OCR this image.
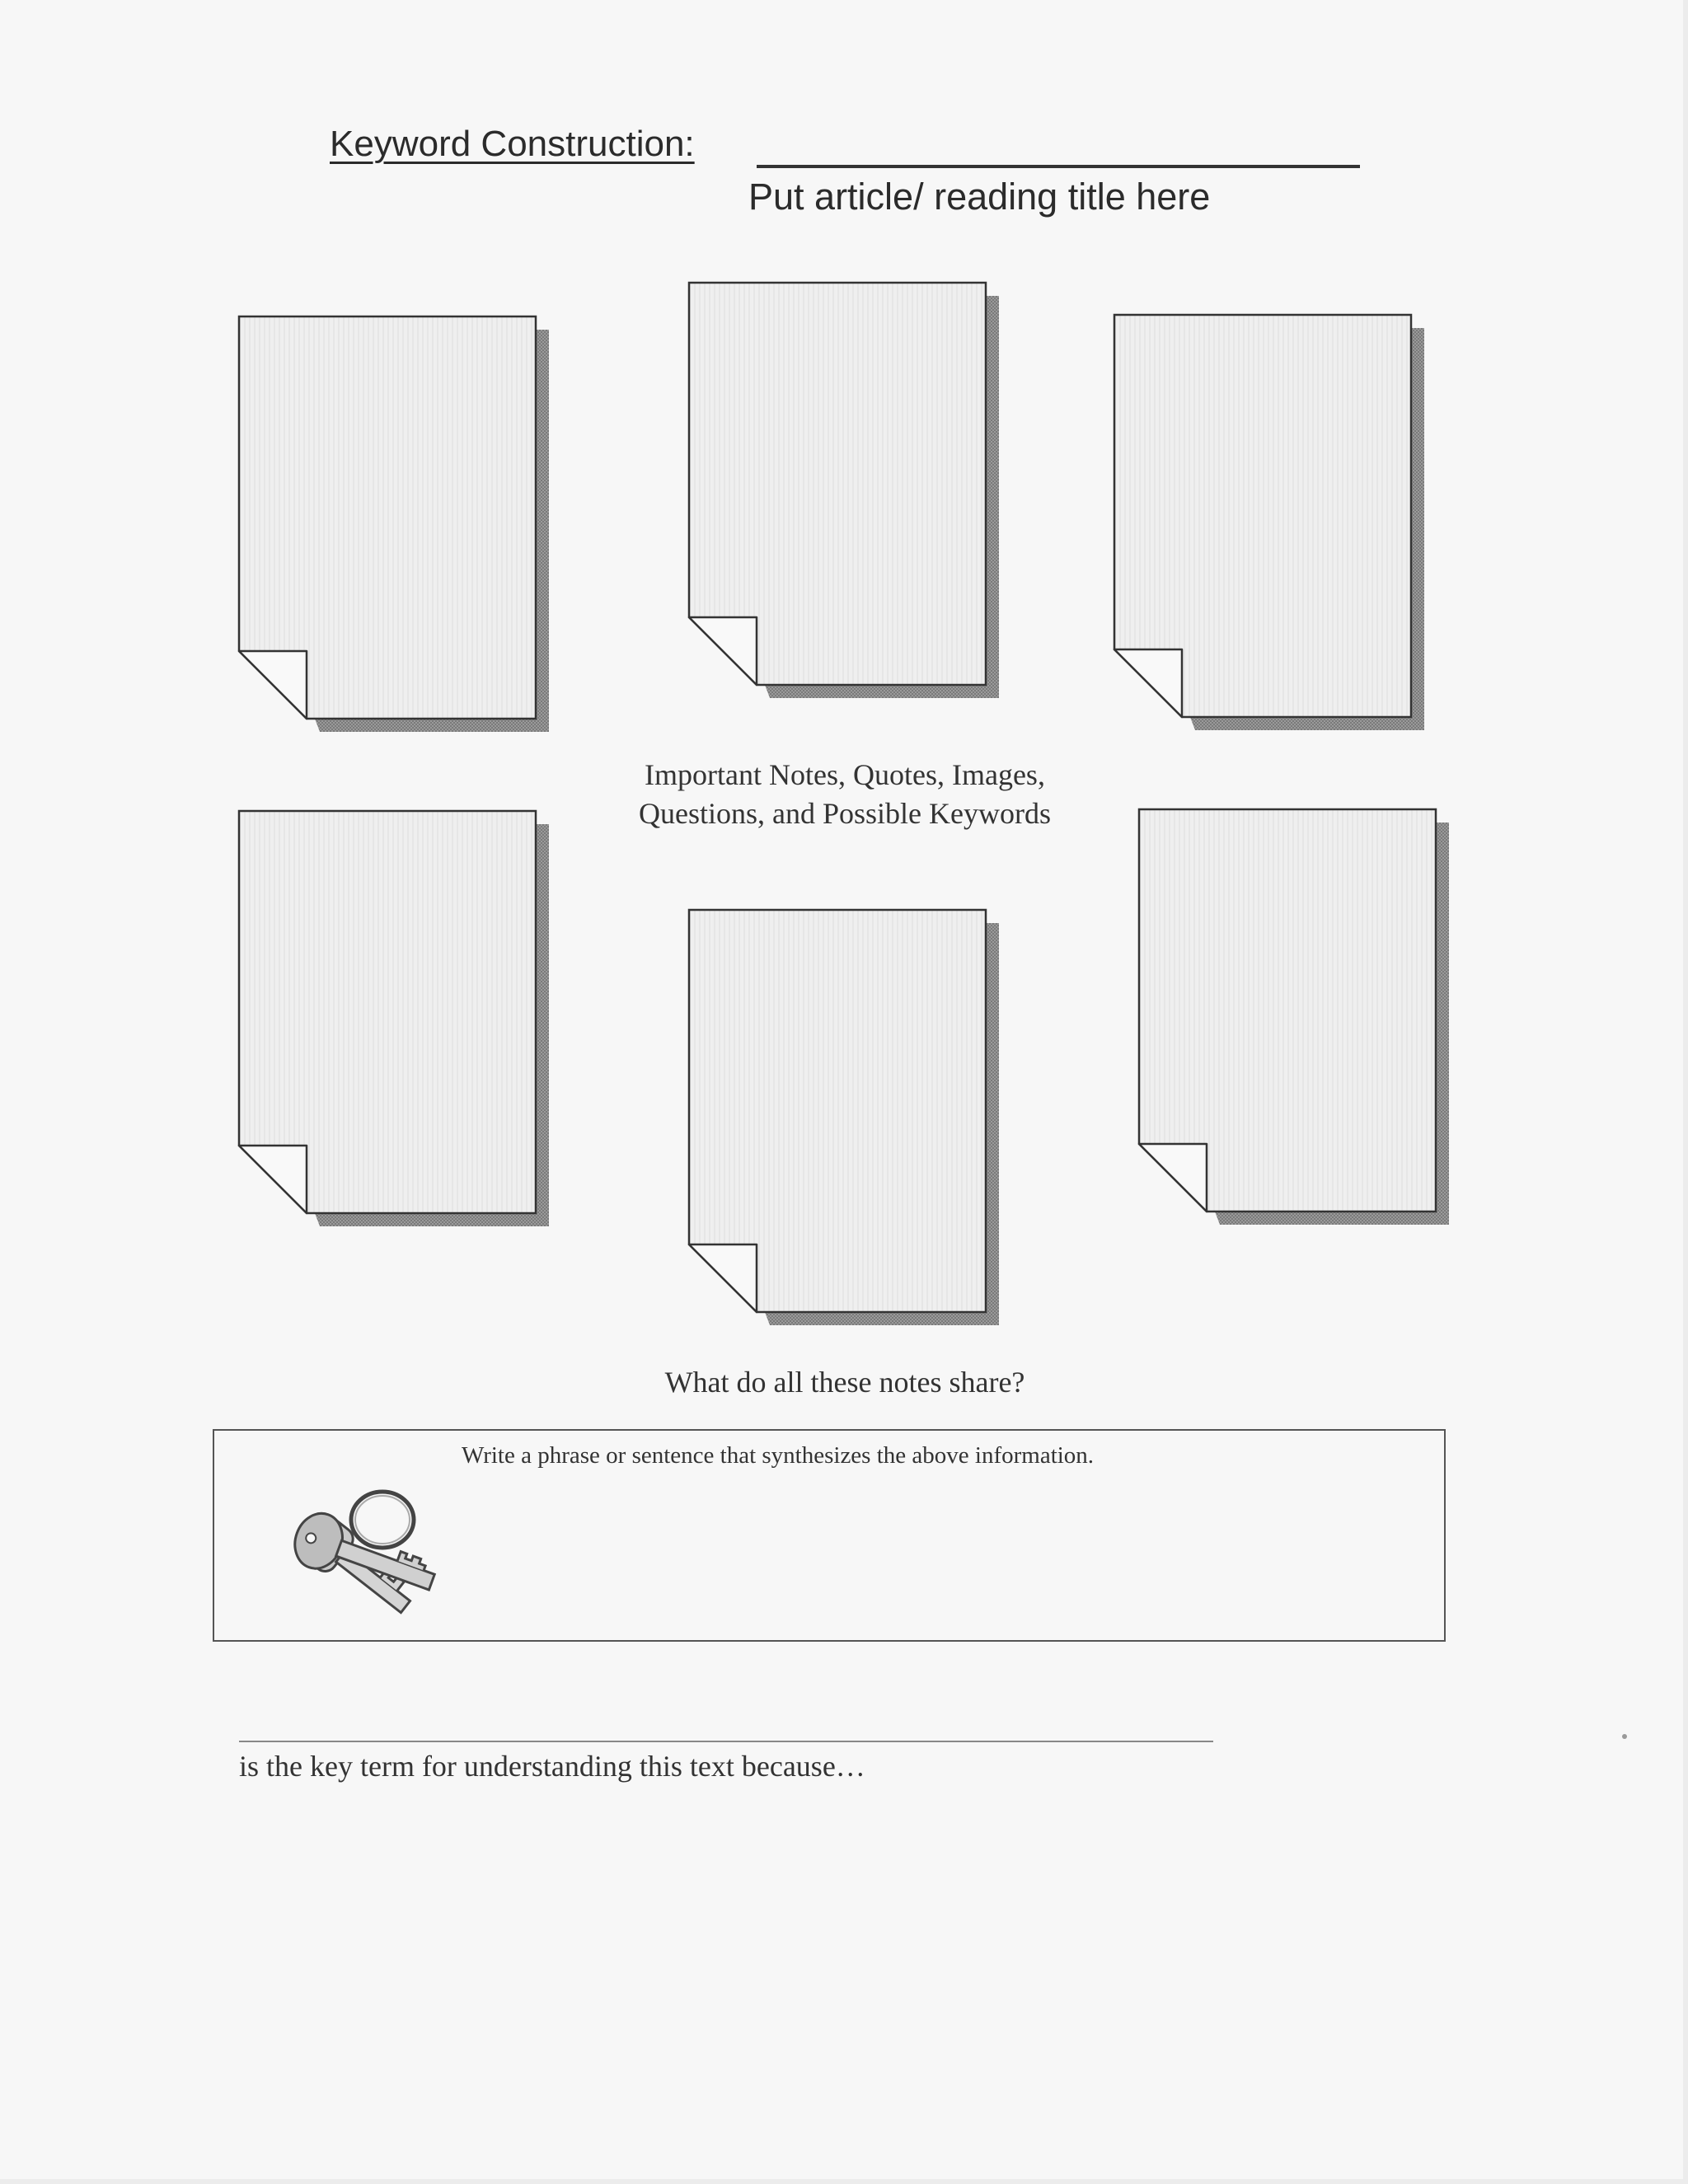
Keyword Construction:
Put article/ reading title here
Important Notes, Quotes, Images,
Questions, and Possible Keywords
What do all these notes share?
Write a phrase or sentence that synthesizes the above information.
is the key term for understanding this text because…
